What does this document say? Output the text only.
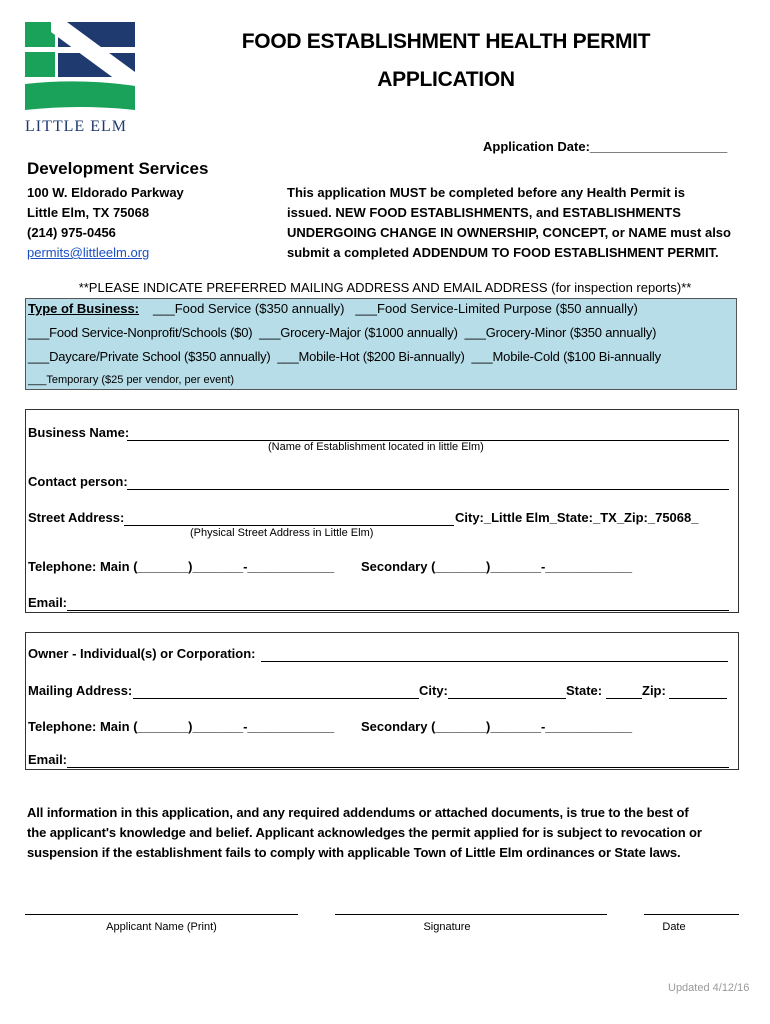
LITTLE ELM
FOOD ESTABLISHMENT HEALTH PERMIT
APPLICATION
Application Date:___________________
Development Services
100 W. Eldorado Parkway
Little Elm, TX 75068
(214) 975-0456
permits@littleelm.org
This application MUST be completed before any Health Permit is
issued. NEW FOOD ESTABLISHMENTS, and ESTABLISHMENTS
UNDERGOING CHANGE IN OWNERSHIP, CONCEPT, or NAME must also
submit a completed ADDENDUM TO FOOD ESTABLISHMENT PERMIT.
**PLEASE INDICATE PREFERRED MAILING ADDRESS AND EMAIL ADDRESS (for inspection reports)**
Type of Business: ___Food Service ($350 annually)   ___Food Service-Limited Purpose ($50 annually)
___Food Service-Nonprofit/Schools ($0)  ___Grocery-Major ($1000 annually)  ___Grocery-Minor ($350 annually)
___Daycare/Private School ($350 annually)  ___Mobile-Hot ($200 Bi-annually)  ___Mobile-Cold ($100 Bi-annually
___Temporary ($25 per vendor, per event)
Business Name:
(Name of Establishment located in little Elm)
Contact person:
Street Address:	City:_Little Elm_State:_TX_Zip:_75068_
(Physical Street Address in Little Elm)
Telephone: Main (_______)_______-____________ Secondary (_______)_______-____________
Email:
Owner - Individual(s) or Corporation:
Mailing Address:	City:	State:	Zip:
Telephone: Main (_______)_______-____________ Secondary (_______)_______-____________
Email:
All information in this application, and any required addendums or attached documents, is true to the best of
the applicant's knowledge and belief. Applicant acknowledges the permit applied for is subject to revocation or
suspension if the establishment fails to comply with applicable Town of Little Elm ordinances or State laws.
Applicant Name (Print)	Signature	Date
Updated 4/12/16
